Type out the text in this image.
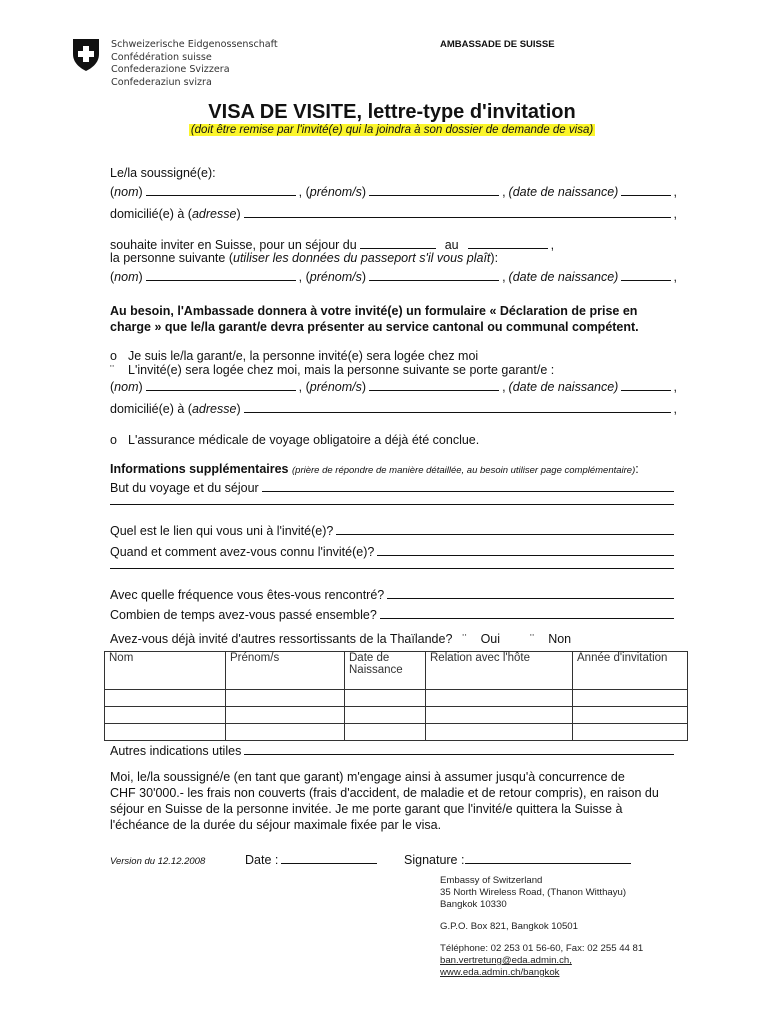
Schweizerische Eidgenossenschaft
Confédération suisse
Confederazione Svizzera
Confederaziun svizra
AMBASSADE DE SUISSE
VISA DE VISITE, lettre-type d'invitation
(doit être remise par l'invité(e) qui la joindra à son dossier de demande de visa)
Le/la soussigné(e):
( nom )	, ( prénom/s )	, (date de naissance)	,
domicilié(e) à ( adresse )	,
souhaite inviter en Suisse, pour un séjour du	au	,
la personne suivante (utiliser les données du passeport s'il vous plaît):
( nom )	, ( prénom/s )	, (date de naissance)	,
Au besoin, l'Ambassade donnera à votre invité(e) un formulaire « Déclaration de prise en
charge » que le/la garant/e devra présenter au service cantonal ou communal compétent.
o Je suis le/la garant/e, la personne invité(e) sera logée chez moi
¨ L'invité(e) sera logée chez moi, mais la personne suivante se porte garant/e :
( nom )	, ( prénom/s )	, (date de naissance)	,
domicilié(e) à ( adresse )	,
o L'assurance médicale de voyage obligatoire a déjà été conclue.
Informations supplémentaires (prière de répondre de manière détaillée, au besoin utiliser page complémentaire):
But du voyage et du séjour
Quel est le lien qui vous uni à l'invité(e)?
Quand et comment avez-vous connu l'invité(e)?
Avec quelle fréquence vous êtes-vous rencontré?
Combien de temps avez-vous passé ensemble?
Avez-vous déjà invité d'autres ressortissants de la Thaïlande? ¨ Oui ¨ Non
Nom	Prénom/s	Date de Naissance	Relation avec l'hôte	Année d'invitation

Autres indications utiles
Moi, le/la soussigné/e (en tant que garant) m'engage ainsi à assumer jusqu'à concurrence de
CHF 30'000.- les frais non couverts (frais d'accident, de maladie et de retour compris), en raison du
séjour en Suisse de la personne invitée. Je me porte garant que l'invité/e quittera la Suisse à
l'échéance de la durée du séjour maximale fixée par le visa.
Version du 12.12.2008	Date :	Signature :
Embassy of Switzerland
35 North Wireless Road, (Thanon Witthayu)
Bangkok 10330
G.P.O. Box 821, Bangkok 10501
Téléphone: 02 253 01 56-60, Fax: 02 255 44 81
ban.vertretung@eda.admin.ch,
www.eda.admin.ch/bangkok
